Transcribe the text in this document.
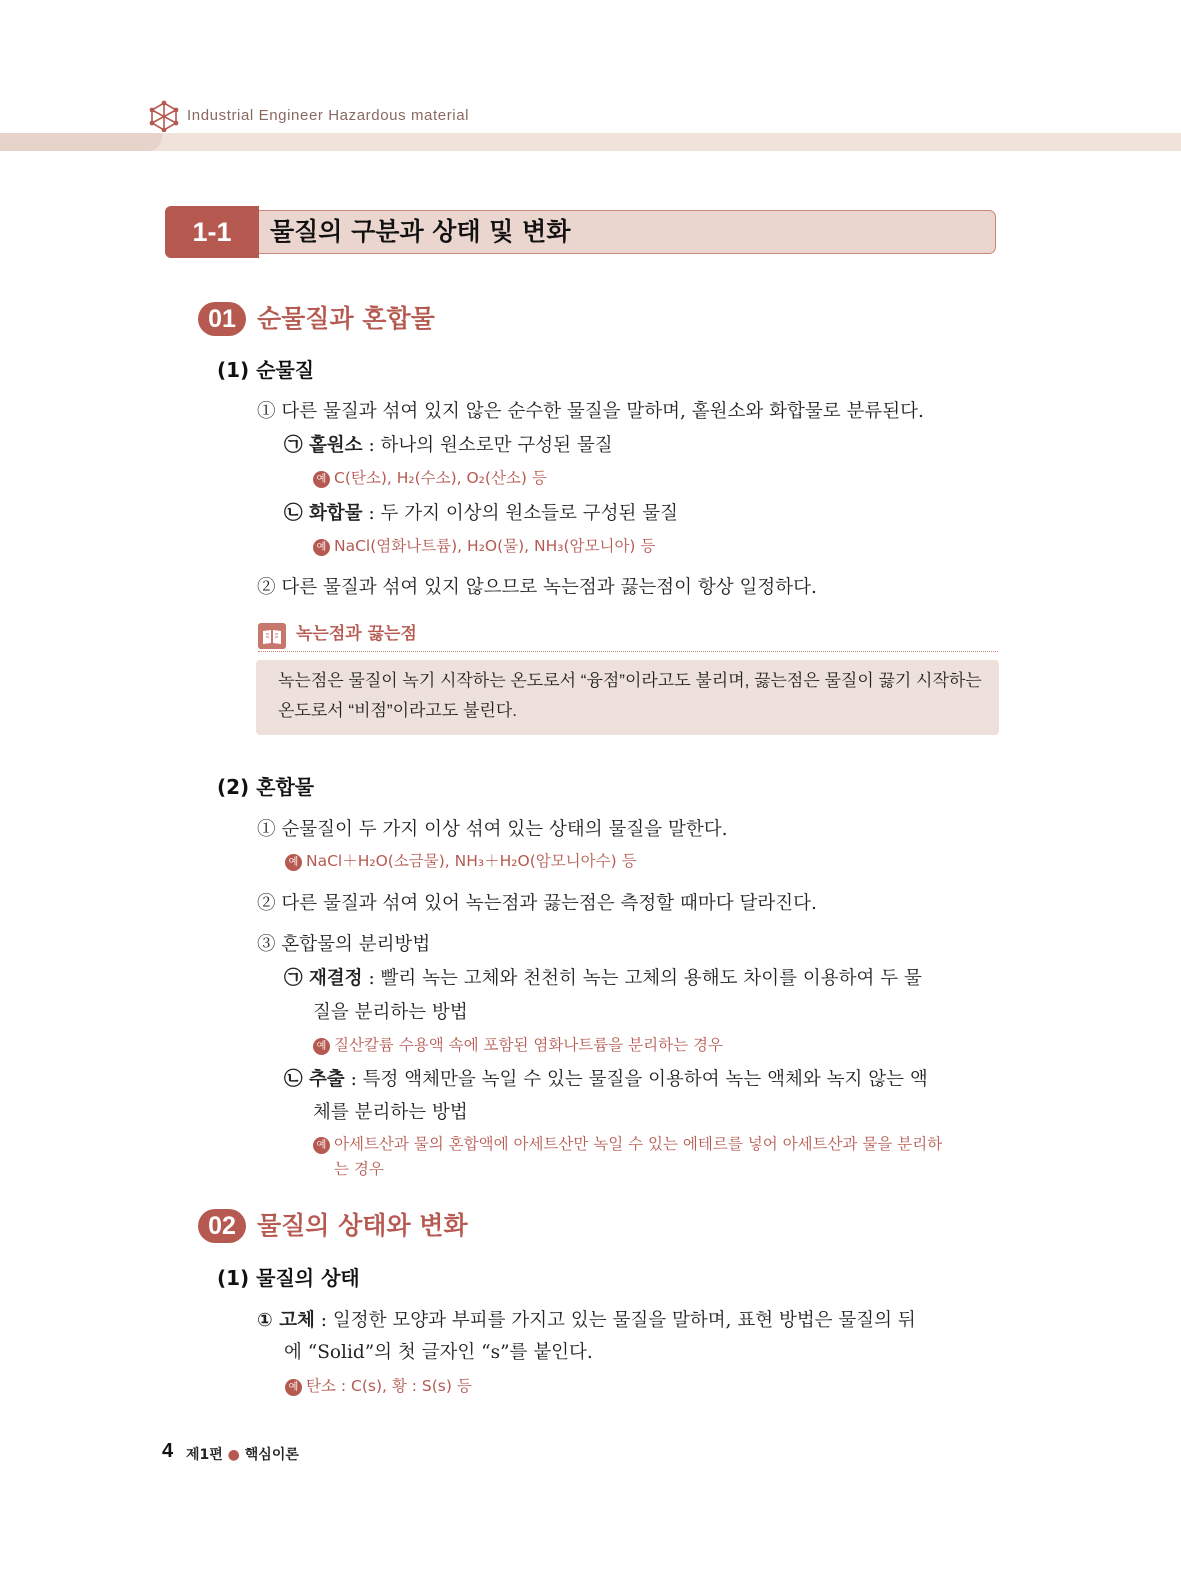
Industrial Engineer Hazardous material
1-1	물질의 구분과 상태 및 변화
01 순물질과 혼합물
(1) 순물질
① 다른 물질과 섞여 있지 않은 순수한 물질을 말하며, 홑원소와 화합물로 분류된다.
㉠ 홑원소 : 하나의 원소로만 구성된 물질
예 C(탄소), H₂(수소), O₂(산소) 등
㉡ 화합물 : 두 가지 이상의 원소들로 구성된 물질
예 NaCl(염화나트륨), H₂O(물), NH₃(암모니아) 등
② 다른 물질과 섞여 있지 않으므로 녹는점과 끓는점이 항상 일정하다.
녹는점과 끓는점
녹는점은 물질이 녹기 시작하는 온도로서 “융점”이라고도 불리며, 끓는점은 물질이 끓기 시작하는 온도로서 “비점”이라고도 불린다.
(2) 혼합물
① 순물질이 두 가지 이상 섞여 있는 상태의 물질을 말한다.
예 NaCl＋H₂O(소금물), NH₃＋H₂O(암모니아수) 등
② 다른 물질과 섞여 있어 녹는점과 끓는점은 측정할 때마다 달라진다.
③ 혼합물의 분리방법
㉠ 재결정 : 빨리 녹는 고체와 천천히 녹는 고체의 용해도 차이를 이용하여 두 물
질을 분리하는 방법
예 질산칼륨 수용액 속에 포함된 염화나트륨을 분리하는 경우
㉡ 추출 : 특정 액체만을 녹일 수 있는 물질을 이용하여 녹는 액체와 녹지 않는 액
체를 분리하는 방법
예 아세트산과 물의 혼합액에 아세트산만 녹일 수 있는 에테르를 넣어 아세트산과 물을 분리하
는 경우
02 물질의 상태와 변화
(1) 물질의 상태
① 고체 : 일정한 모양과 부피를 가지고 있는 물질을 말하며, 표현 방법은 물질의 뒤
에 “Solid”의 첫 글자인 “s”를 붙인다.
예 탄소 : C(s), 황 : S(s) 등
4 제1편 ● 핵심이론
